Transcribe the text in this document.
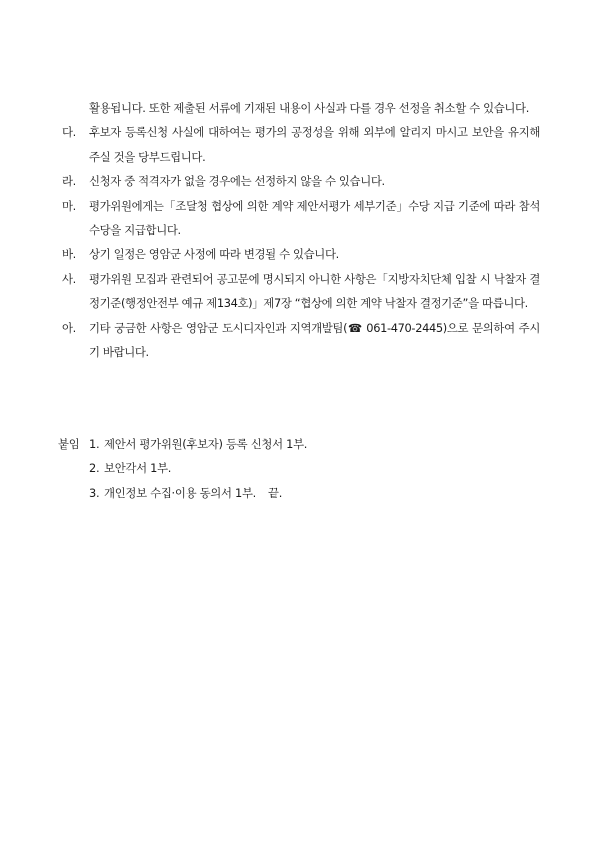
활용됩니다. 또한 제출된 서류에 기재된 내용이 사실과 다를 경우 선정을 취소할 수 있습니다.

다.	후보자 등록신청 사실에 대하여는 평가의 공정성을 위해 외부에 알리지 마시고 보안을 유지해 주실 것을 당부드립니다.

라.	신청자 중 적격자가 없을 경우에는 선정하지 않을 수 있습니다.

마.	평가위원에게는「조달청 협상에 의한 계약 제안서평가 세부기준」수당 지급 기준에 따라 참석 수당을 지급합니다.

바.	상기 일정은 영암군 사정에 따라 변경될 수 있습니다.

사.	평가위원 모집과 관련되어 공고문에 명시되지 아니한 사항은「지방자치단체 입찰 시 낙찰자 결정기준(행정안전부 예규 제134호)」제7장 “협상에 의한 계약 낙찰자 결정기준”을 따릅니다.

아.	기타 궁금한 사항은 영암군 도시디자인과 지역개발팀(☎ 061-470-2445)으로 문의하여 주시기 바랍니다.

붙임 1. 제안서 평가위원(후보자) 등록 신청서 1부.
2. 보안각서 1부.
3. 개인정보 수집·이용 동의서 1부. 끝.
